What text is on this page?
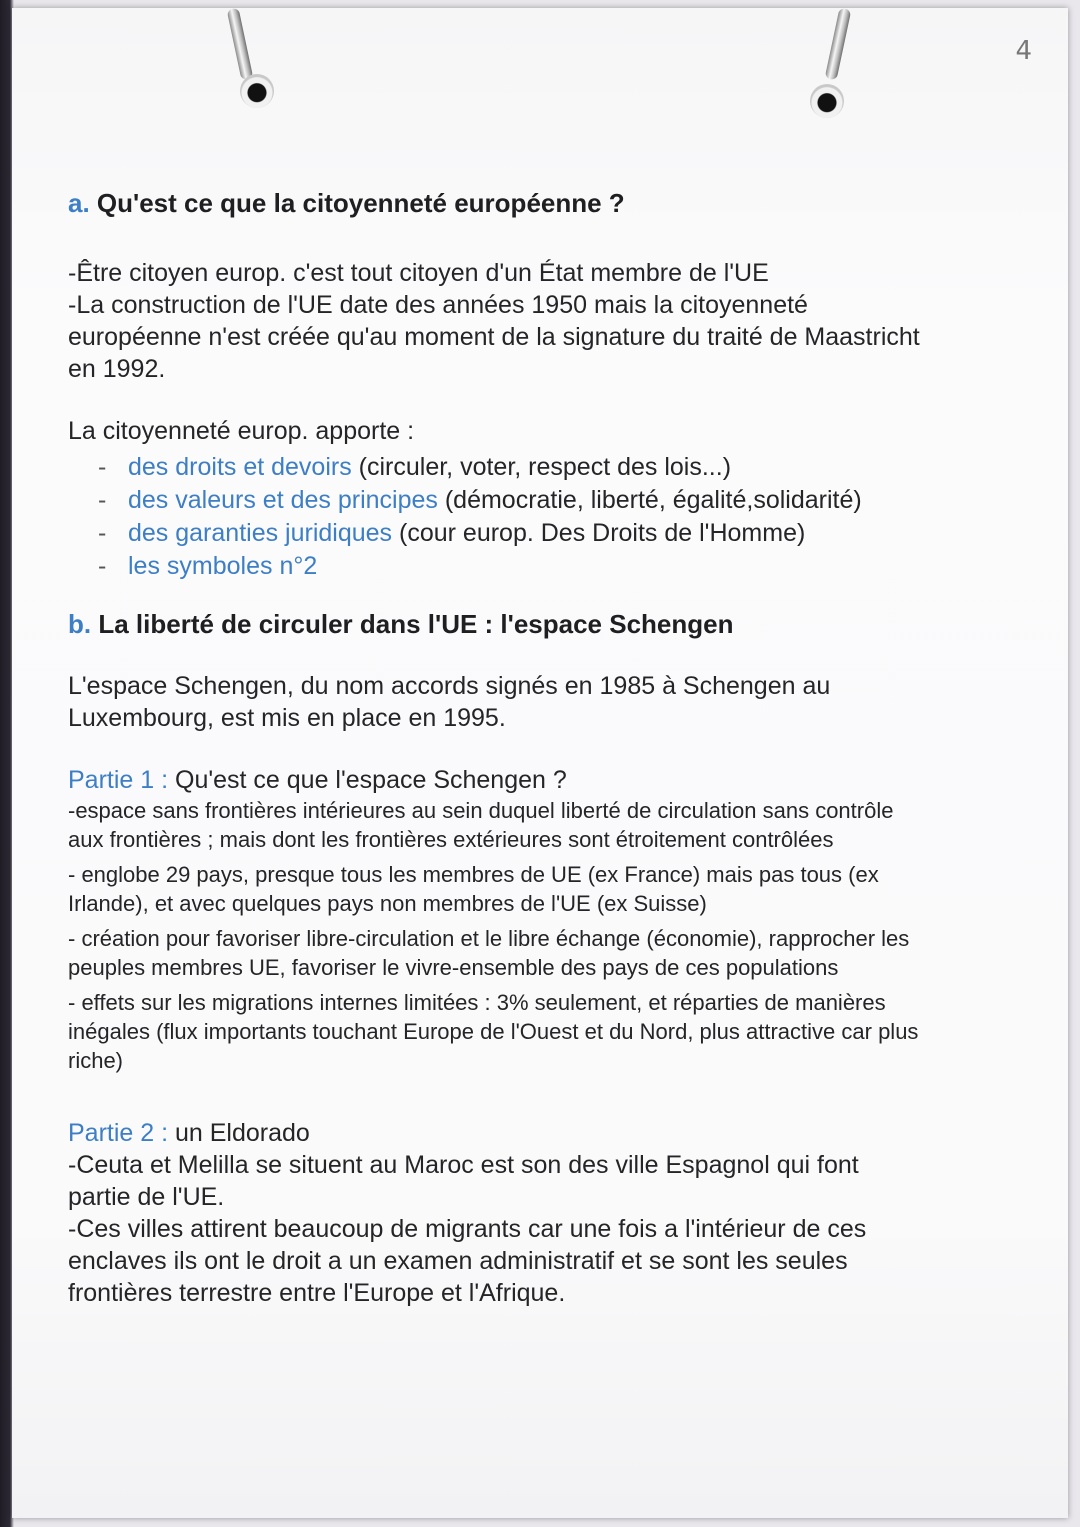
4
a. Qu'est ce que la citoyenneté européenne ?

-Être citoyen europ. c'est tout citoyen d'un État membre de l'UE

-La construction de l'UE date des années 1950 mais la citoyenneté européenne n'est créée qu'au moment de la signature du traité de Maastricht en 1992.

La citoyenneté europ. apporte :

- des droits et devoirs (circuler, voter, respect des lois...)
- des valeurs et des principes (démocratie, liberté, égalité,solidarité)
- des garanties juridiques (cour europ. Des Droits de l'Homme)
- les symboles n°2
b. La liberté de circuler dans l'UE : l'espace Schengen

L'espace Schengen, du nom accords signés en 1985 à Schengen au Luxembourg, est mis en place en 1995.

Partie 1 : Qu'est ce que l'espace Schengen ?

-espace sans frontières intérieures au sein duquel liberté de circulation sans contrôle aux frontières ; mais dont les frontières extérieures sont étroitement contrôlées

- englobe 29 pays, presque tous les membres de UE (ex France) mais pas tous (ex Irlande), et avec quelques pays non membres de l'UE (ex Suisse)

- création pour favoriser libre-circulation et le libre échange (économie), rapprocher les peuples membres UE, favoriser le vivre-ensemble des pays de ces populations

- effets sur les migrations internes limitées : 3% seulement, et réparties de manières inégales (flux importants touchant Europe de l'Ouest et du Nord, plus attractive car plus riche)

Partie 2 : un Eldorado

-Ceuta et Melilla se situent au Maroc est son des ville Espagnol qui font partie de l'UE.

-Ces villes attirent beaucoup de migrants car une fois a l'intérieur de ces enclaves ils ont le droit a un examen administratif et se sont les seules frontières terrestre entre l'Europe et l'Afrique.
